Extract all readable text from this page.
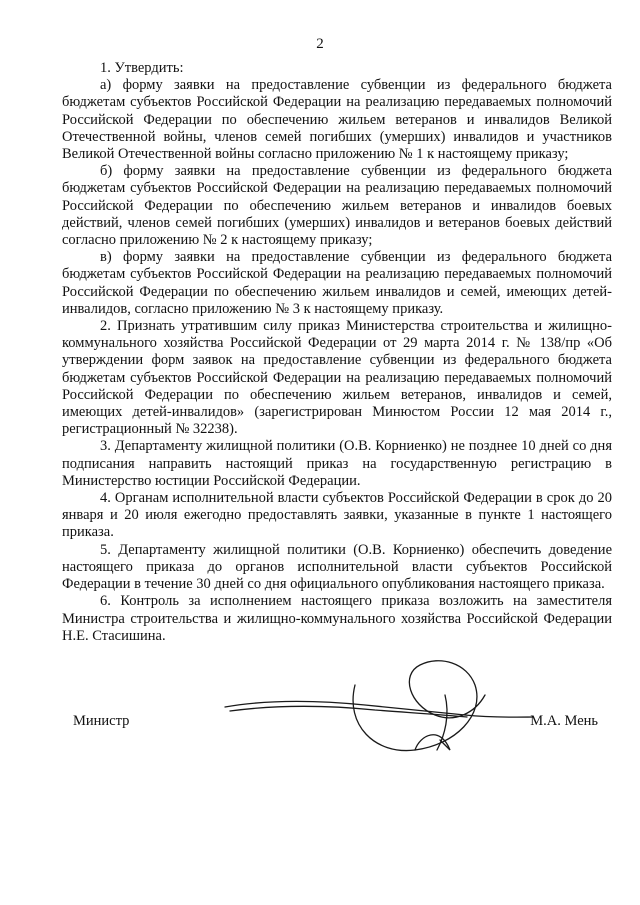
2

1. Утвердить:

а) форму заявки на предоставление субвенции из федерального бюджета бюджетам субъектов Российской Федерации на реализацию передаваемых полномочий Российской Федерации по обеспечению жильем ветеранов и инвалидов Великой Отечественной войны, членов семей погибших (умерших) инвалидов и участников Великой Отечественной войны согласно приложению № 1 к настоящему приказу;

б) форму заявки на предоставление субвенции из федерального бюджета бюджетам субъектов Российской Федерации на реализацию передаваемых полномочий Российской Федерации по обеспечению жильем ветеранов и инвалидов боевых действий, членов семей погибших (умерших) инвалидов и ветеранов боевых действий согласно приложению № 2 к настоящему приказу;

в) форму заявки на предоставление субвенции из федерального бюджета бюджетам субъектов Российской Федерации на реализацию передаваемых полномочий Российской Федерации по обеспечению жильем инвалидов и семей, имеющих детей-инвалидов, согласно приложению № 3 к настоящему приказу.

2. Признать утратившим силу приказ Министерства строительства и жилищно-коммунального хозяйства Российской Федерации от 29 марта 2014 г. № 138/пр «Об утверждении форм заявок на предоставление субвенции из федерального бюджета бюджетам субъектов Российской Федерации на реализацию передаваемых полномочий Российской Федерации по обеспечению жильем ветеранов, инвалидов и семей, имеющих детей-инвалидов» (зарегистрирован Минюстом России 12 мая 2014 г., регистрационный № 32238).

3. Департаменту жилищной политики (О.В. Корниенко) не позднее 10 дней со дня подписания направить настоящий приказ на государственную регистрацию в Министерство юстиции Российской Федерации.

4. Органам исполнительной власти субъектов Российской Федерации в срок до 20 января и 20 июля ежегодно предоставлять заявки, указанные в пункте 1 настоящего приказа.

5. Департаменту жилищной политики (О.В. Корниенко) обеспечить доведение настоящего приказа до органов исполнительной власти субъектов Российской Федерации в течение 30 дней со дня официального опубликования настоящего приказа.

6. Контроль за исполнением настоящего приказа возложить на заместителя Министра строительства и жилищно-коммунального хозяйства Российской Федерации Н.Е. Стасишина.

Министр	М.А. Мень
